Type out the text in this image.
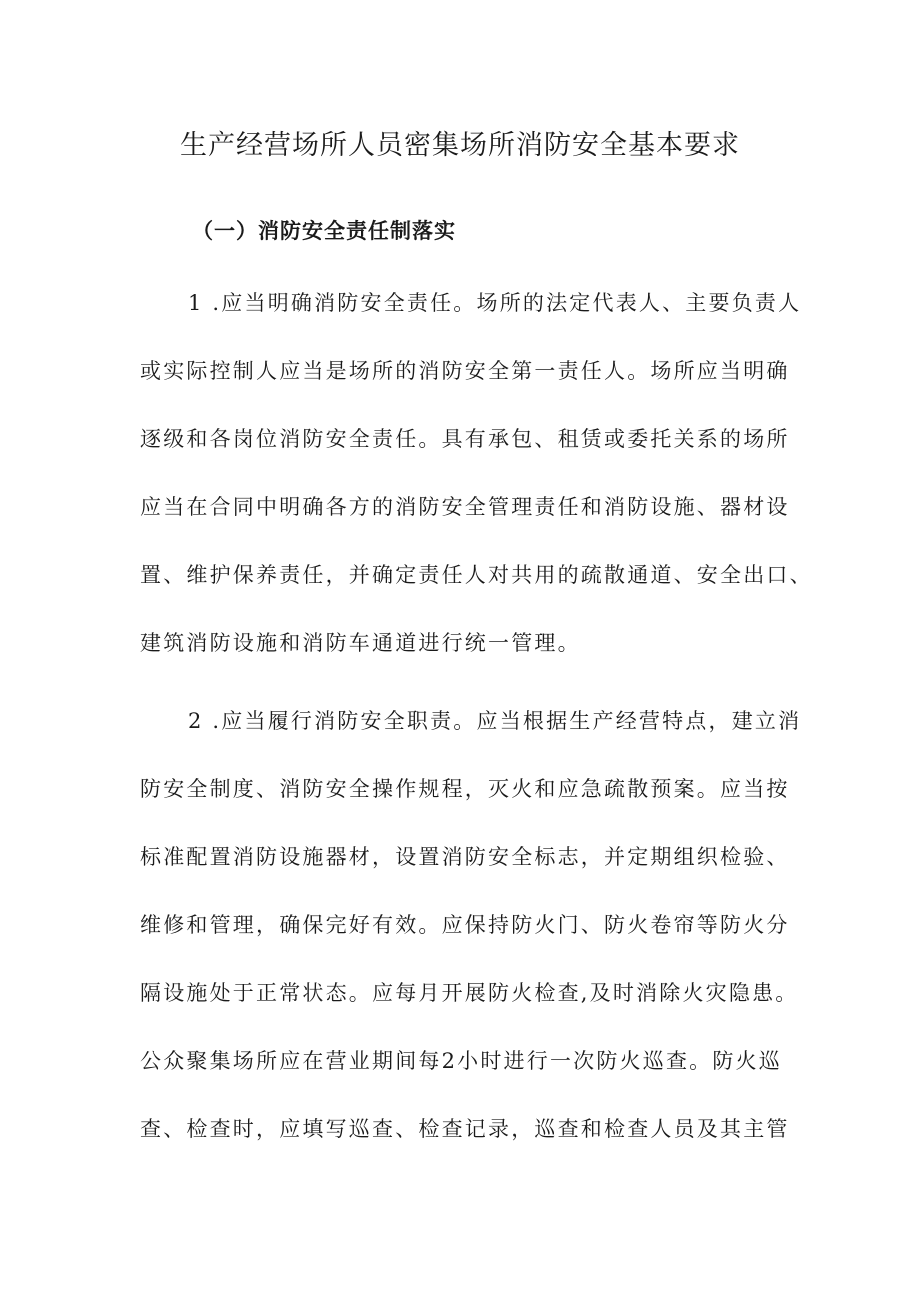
生产经营场所人员密集场所消防安全基本要求
（一）消防安全责任制落实

1 .应当明确消防安全责任。场所的法定代表人、主要负责人

或实际控制人应当是场所的消防安全第一责任人。场所应当明确

逐级和各岗位消防安全责任。具有承包、租赁或委托关系的场所

应当在合同中明确各方的消防安全管理责任和消防设施、器材设

置、维护保养责任，并确定责任人对共用的疏散通道、安全出口、

建筑消防设施和消防车通道进行统一管理。

2 .应当履行消防安全职责。应当根据生产经营特点，建立消

防安全制度、消防安全操作规程，灭火和应急疏散预案。应当按

标准配置消防设施器材，设置消防安全标志，并定期组织检验、

维修和管理，确保完好有效。应保持防火门、防火卷帘等防火分

隔设施处于正常状态。应每月开展防火检查,及时消除火灾隐患。

公众聚集场所应在营业期间每2小时进行一次防火巡查。防火巡

查、检查时，应填写巡查、检查记录，巡查和检查人员及其主管
